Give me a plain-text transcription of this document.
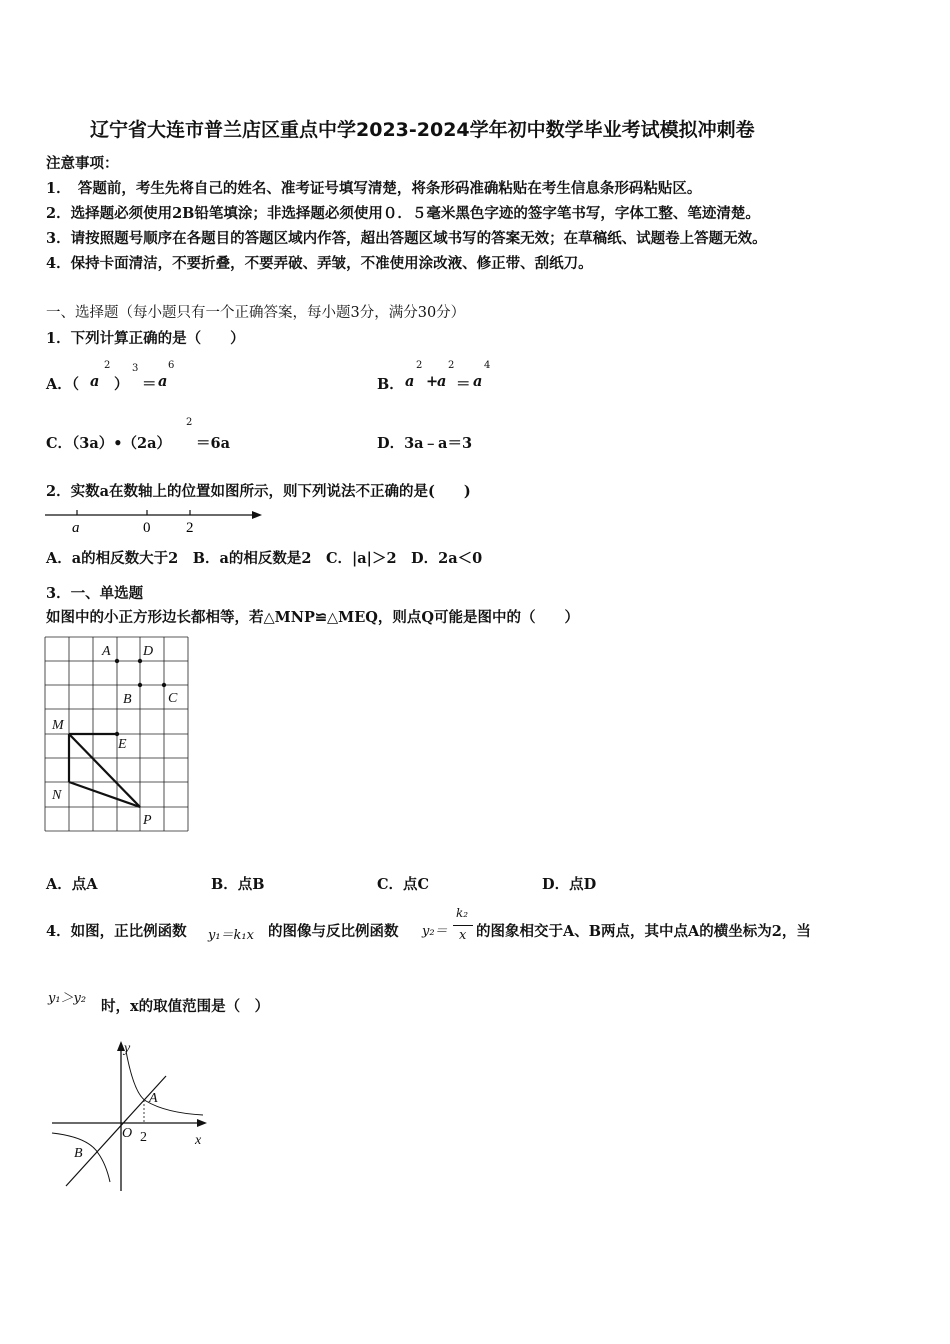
辽宁省大连市普兰店区重点中学2023-2024学年初中数学毕业考试模拟冲刺卷
注意事项：
1．　答题前，考生先将自己的姓名、准考证号填写清楚，将条形码准确粘贴在考生信息条形码粘贴区。
2．选择题必须使用2B铅笔填涂；非选择题必须使用０．５毫米黑色字迹的签字笔书写，字体工整、笔迹清楚。
3．请按照题号顺序在各题目的答题区域内作答，超出答题区域书写的答案无效；在草稿纸、试题卷上答题无效。
4．保持卡面清洁，不要折叠，不要弄破、弄皱，不准使用涂改液、修正带、刮纸刀。
一、选择题（每小题只有一个正确答案，每小题3分，满分30分）
1．下列计算正确的是（　　）
A．（ a
2
）
3
＝ a
6
B． a
2
+
a
2
＝ a
4
C．（3a）•（2a）
2
＝6a	D．3a﹣a＝3
2．实数a在数轴上的位置如图所示，则下列说法不正确的是(　　)
a	0 2
A．a的相反数大于2　B．a的相反数是2　C．|a|＞2　D．2a＜0
3．一、单选题
如图中的小正方形边长都相等，若△MNP≌△MEQ，则点Q可能是图中的（　　）
A D
B	C
M
E
N
P
A．点A	B．点B	C．点C	D．点D
4．如图，正比例函数 y₁＝k₁x 的图像与反比例函数 y₂＝
k₂
x 的图象相交于A、B两点，其中点A的横坐标为2，当
y₁＞y₂ 时，x的取值范围是（　）
y
A
O 2	x
B
